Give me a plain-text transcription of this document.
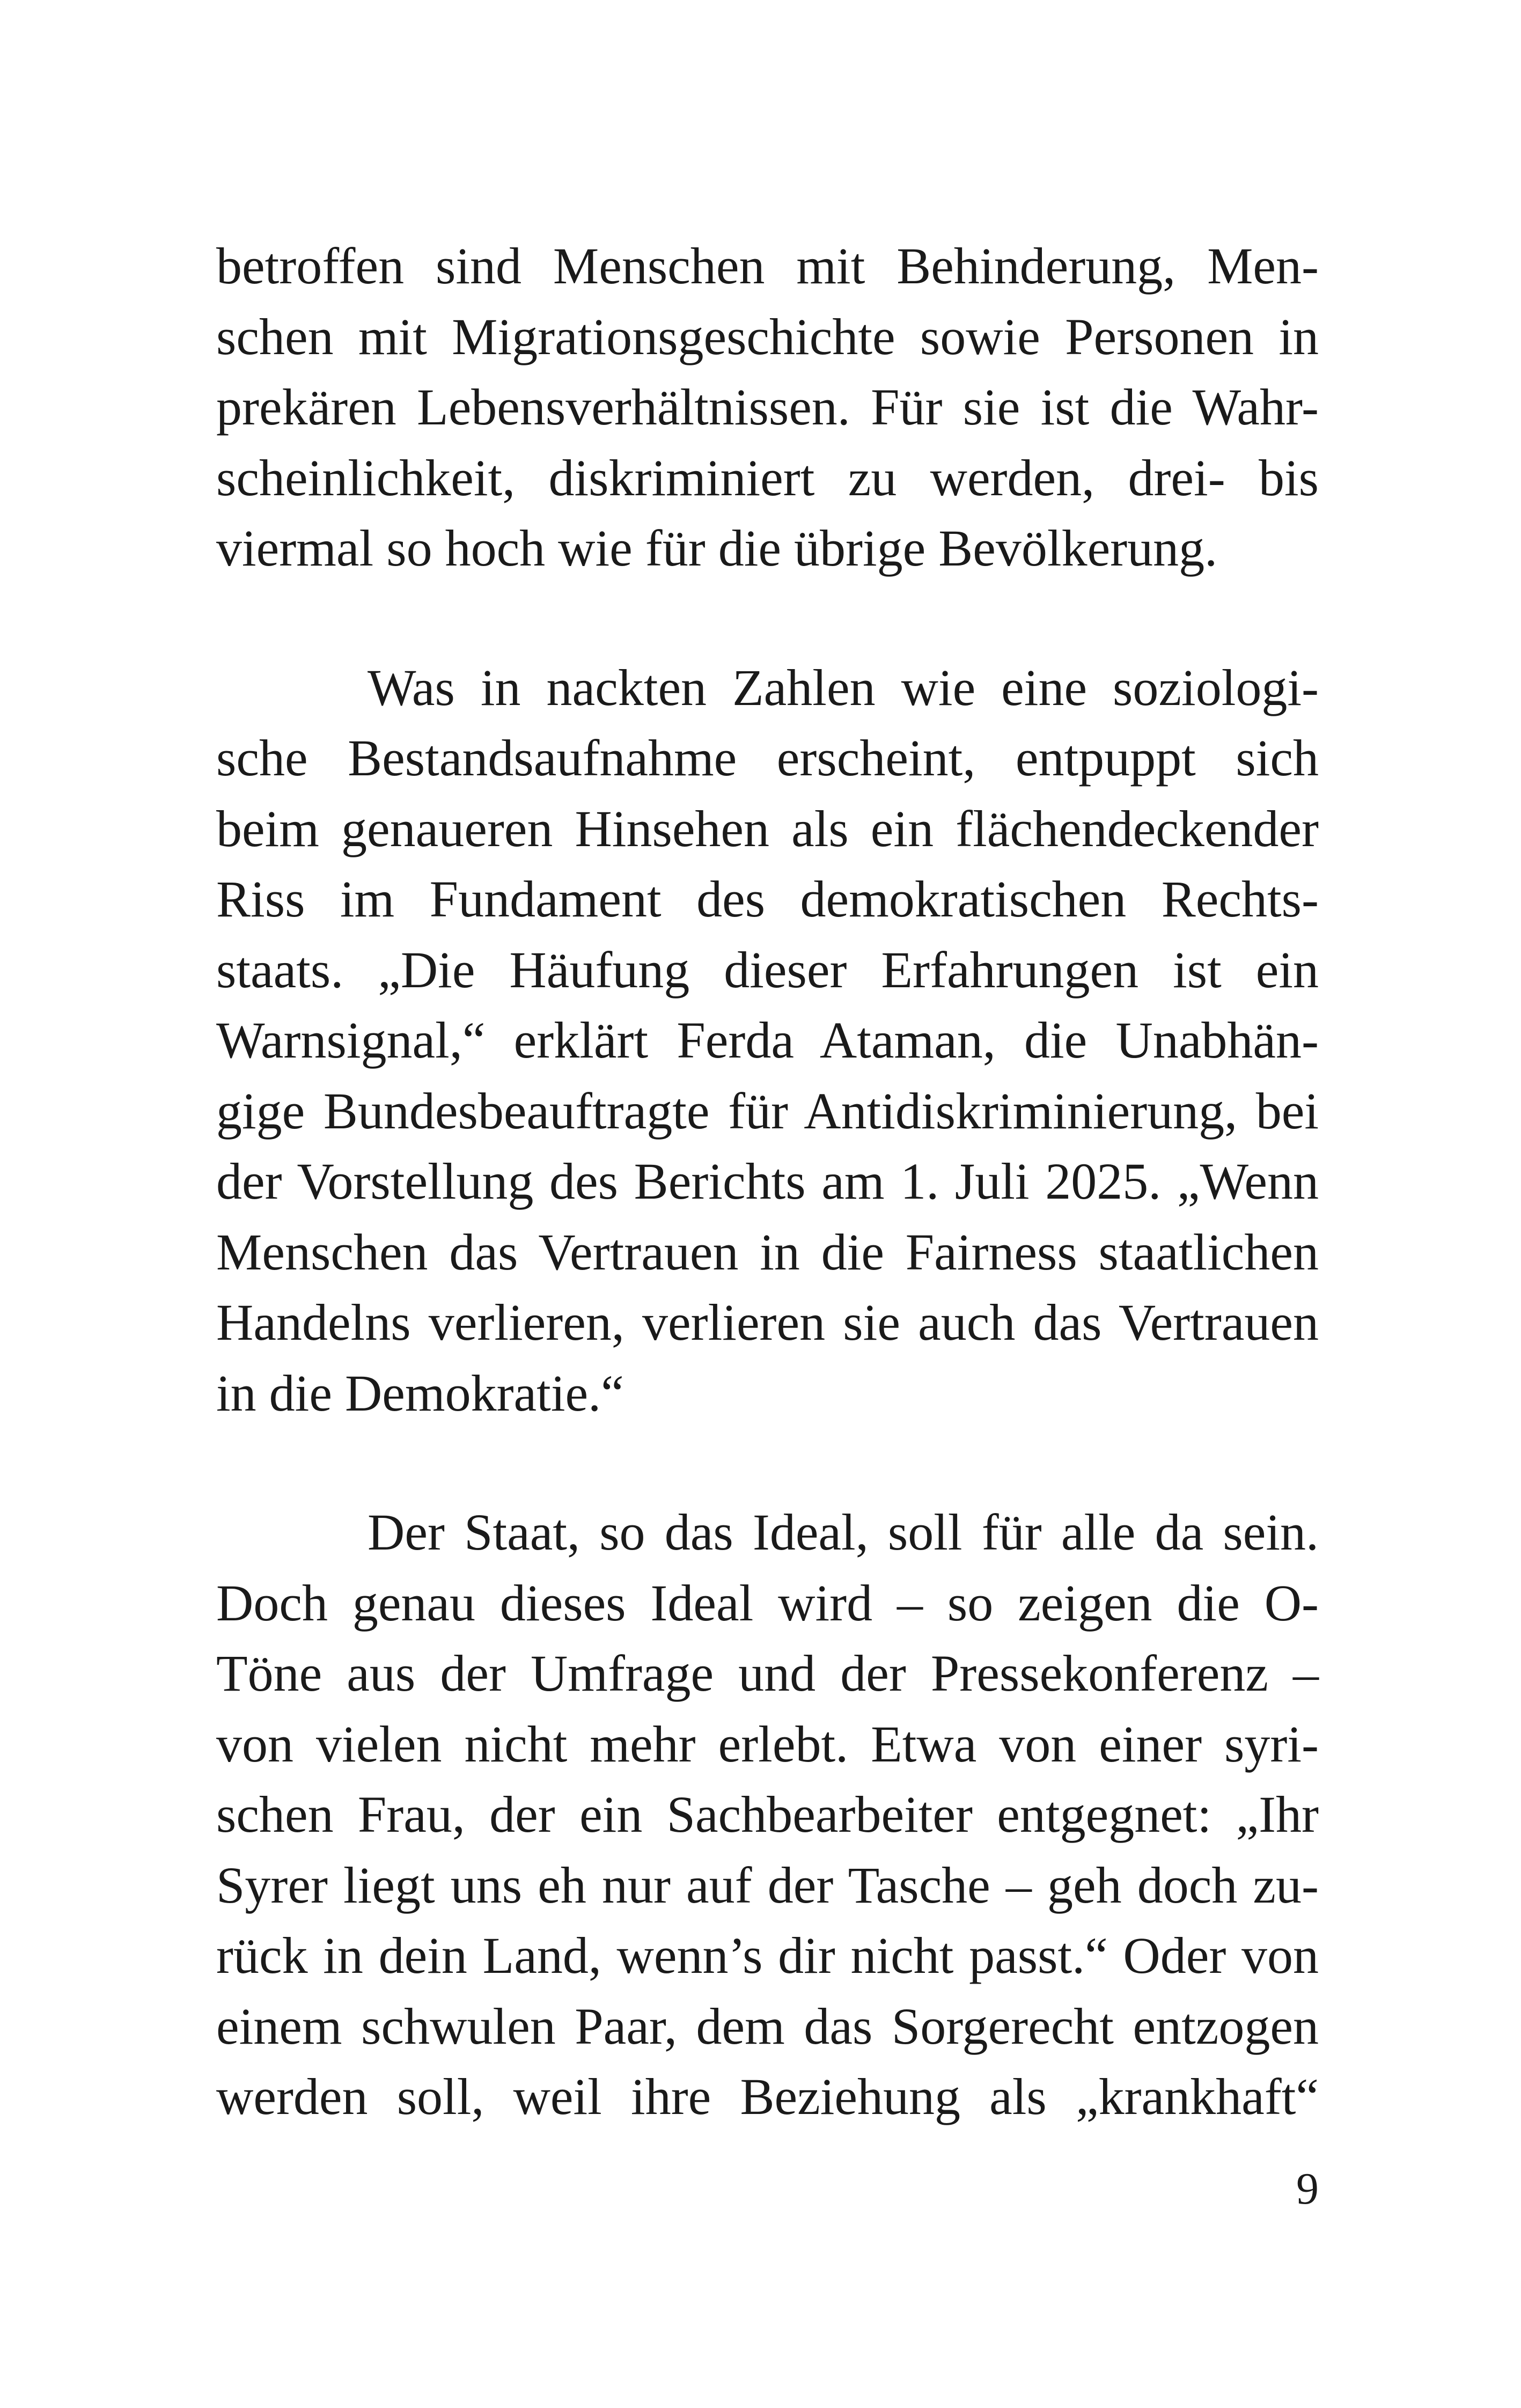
betroffen sind Menschen mit Behinderung, Men-
schen mit Migrationsgeschichte sowie Personen in
prekären Lebensverhältnissen. Für sie ist die Wahr-
scheinlichkeit, diskriminiert zu werden, drei- bis
viermal so hoch wie für die übrige Bevölkerung.

Was in nackten Zahlen wie eine soziologi-
sche Bestandsaufnahme erscheint, entpuppt sich
beim genaueren Hinsehen als ein flächendeckender
Riss im Fundament des demokratischen Rechts-
staats. „Die Häufung dieser Erfahrungen ist ein
Warnsignal,“ erklärt Ferda Ataman, die Unabhän-
gige Bundesbeauftragte für Antidiskriminierung, bei
der Vorstellung des Berichts am 1. Juli 2025. „Wenn
Menschen das Vertrauen in die Fairness staatlichen
Handelns verlieren, verlieren sie auch das Vertrauen
in die Demokratie.“

Der Staat, so das Ideal, soll für alle da sein.
Doch genau dieses Ideal wird – so zeigen die O-
Töne aus der Umfrage und der Pressekonferenz –
von vielen nicht mehr erlebt. Etwa von einer syri-
schen Frau, der ein Sachbearbeiter entgegnet: „Ihr
Syrer liegt uns eh nur auf der Tasche – geh doch zu-
rück in dein Land, wenn’s dir nicht passt.“ Oder von
einem schwulen Paar, dem das Sorgerecht entzogen
werden soll, weil ihre Beziehung als „krankhaft“

9
